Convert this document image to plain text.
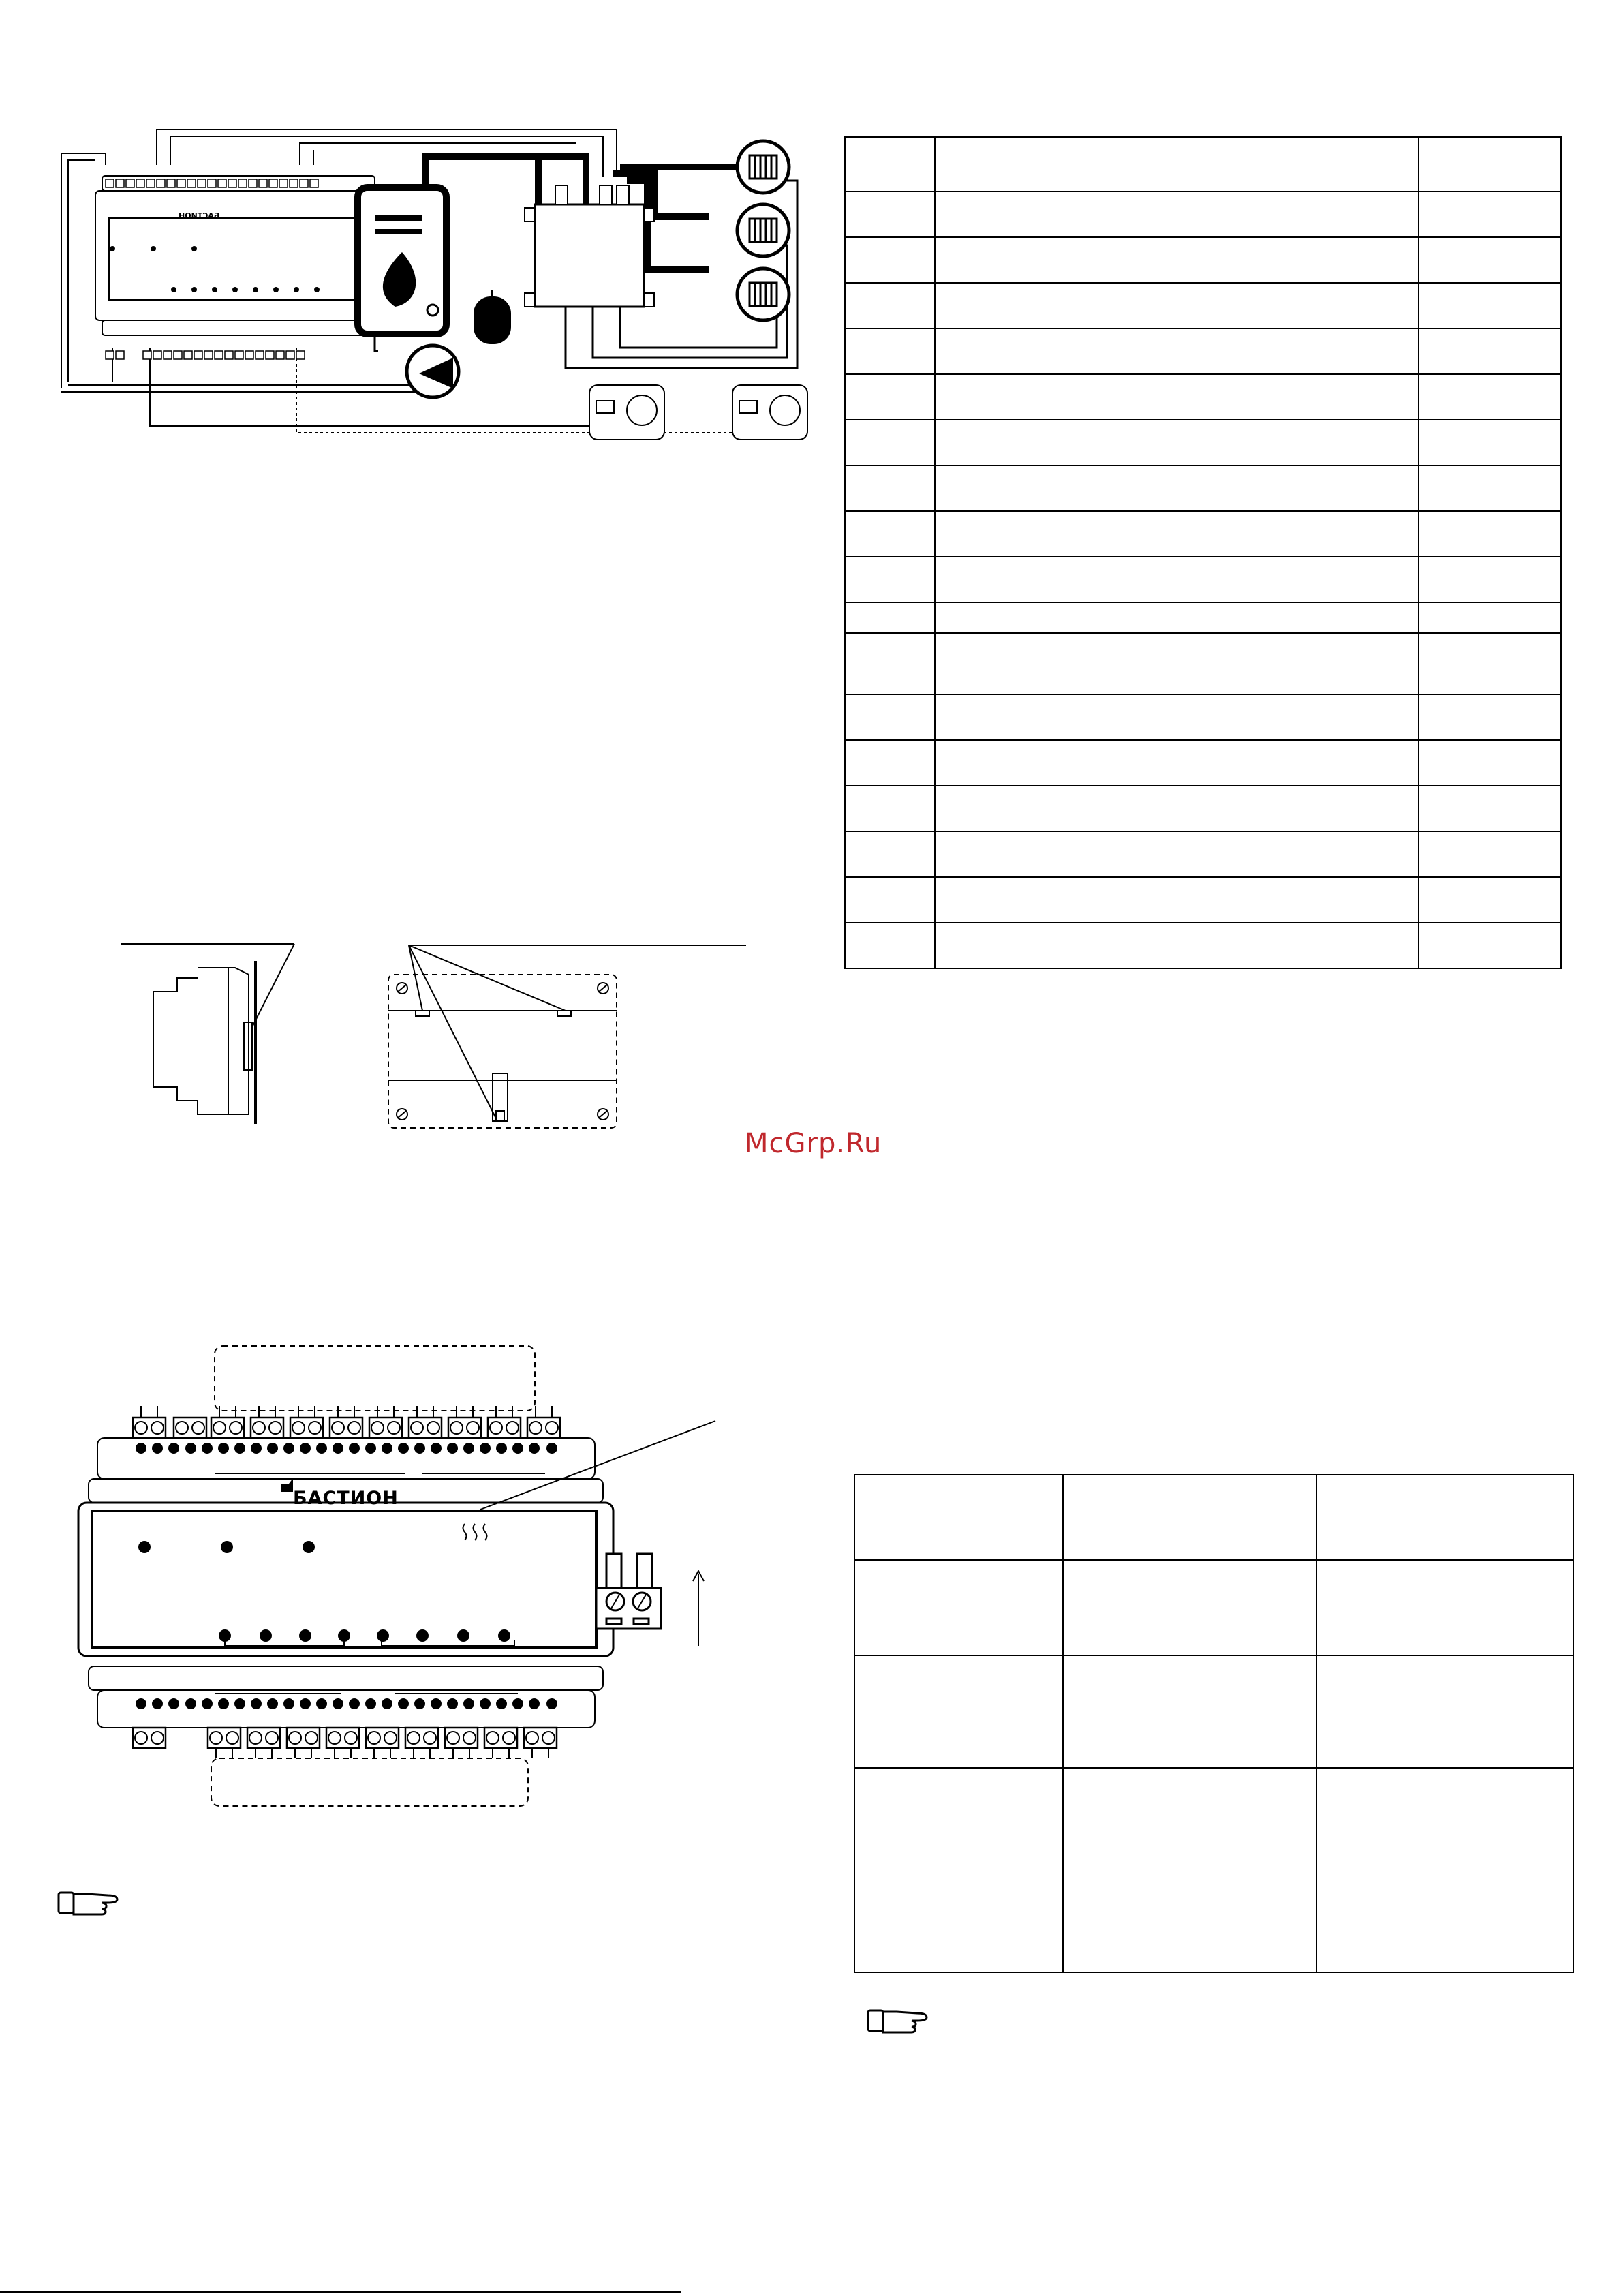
McGrp.Ru
БАСТИОН
БАСТИОН
